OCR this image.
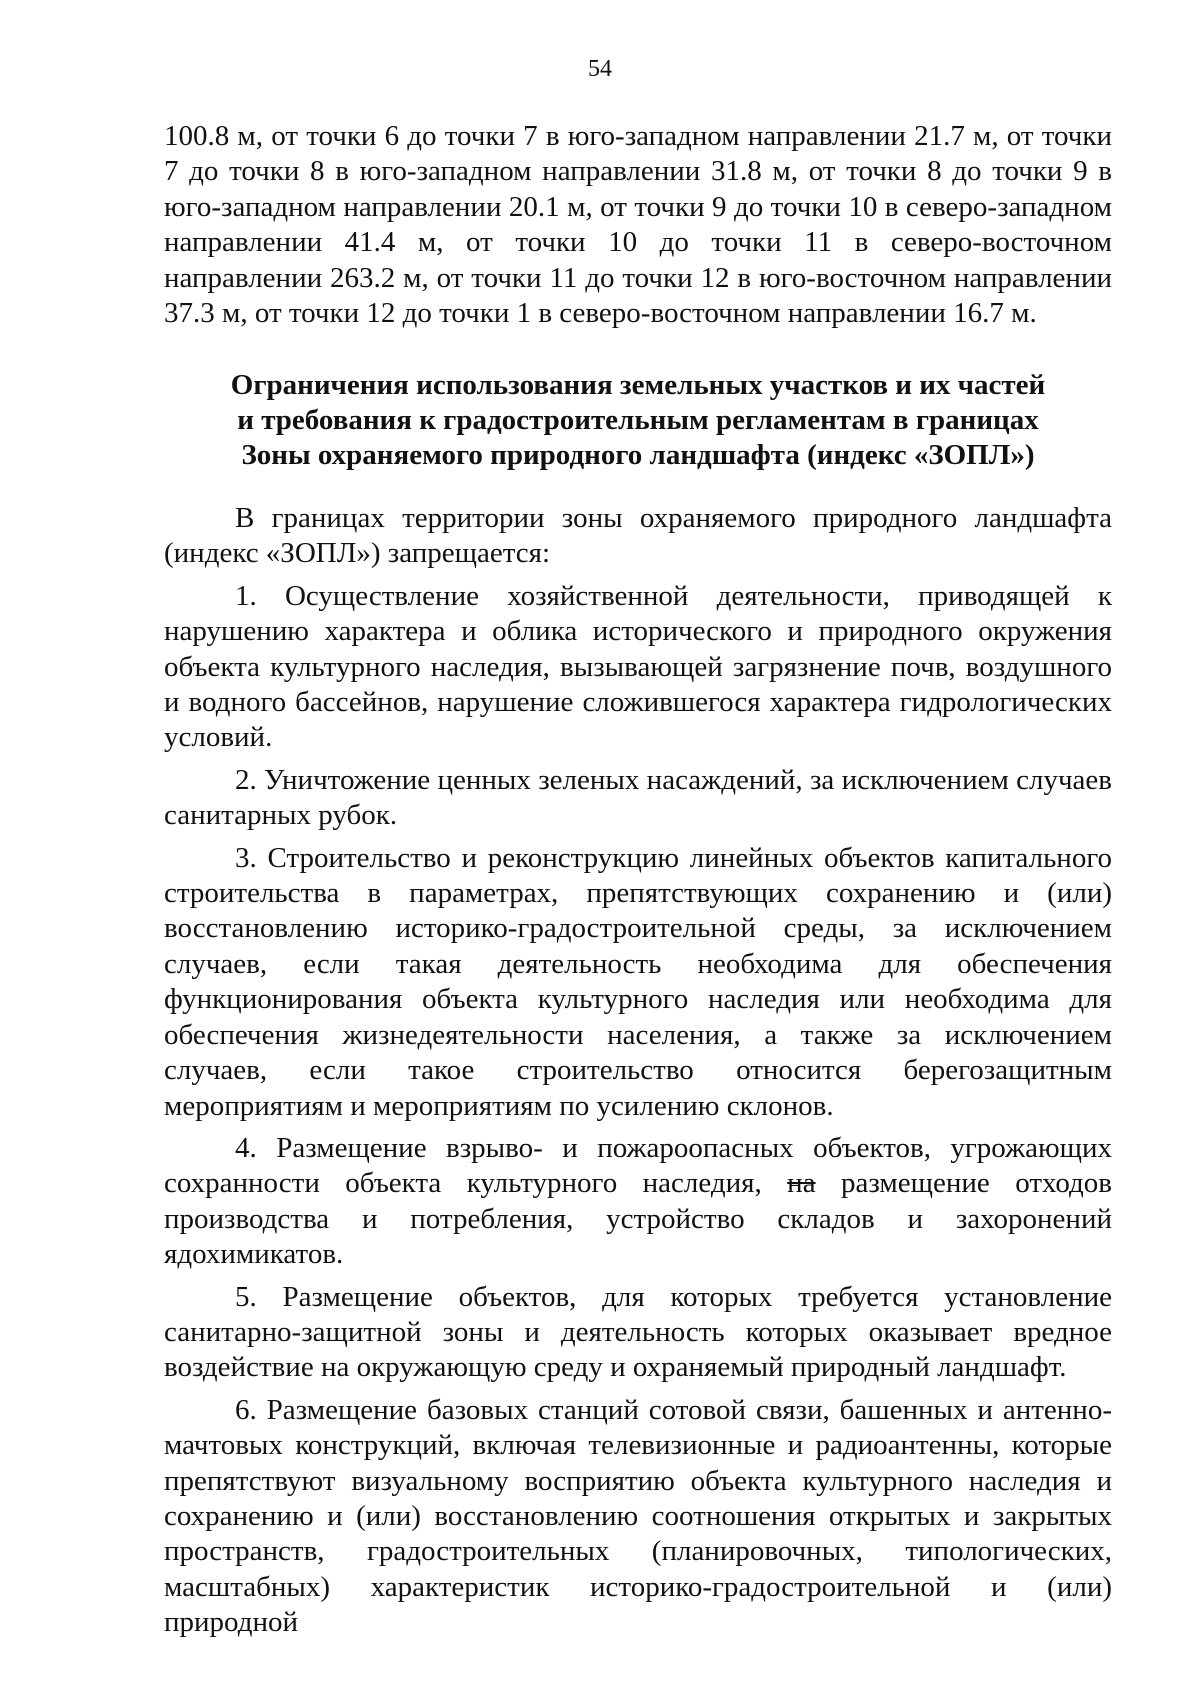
54

100.8 м, от точки 6 до точки 7 в юго-западном направлении 21.7 м, от точки 7 до точки 8 в юго-западном направлении 31.8 м, от точки 8 до точки 9 в юго-западном направлении 20.1 м, от точки 9 до точки 10 в северо-западном направлении 41.4 м, от точки 10 до точки 11 в северо-восточном направлении 263.2 м, от точки 11 до точки 12 в юго-восточном направлении 37.3 м, от точки 12 до точки 1 в северо-восточном направлении 16.7 м.

Ограничения использования земельных участков и их частей
и требования к градостроительным регламентам в границах
Зоны охраняемого природного ландшафта (индекс «ЗОПЛ»)

В границах территории зоны охраняемого природного ландшафта (индекс «ЗОПЛ») запрещается:

1. Осуществление хозяйственной деятельности, приводящей к нарушению характера и облика исторического и природного окружения объекта культурного наследия, вызывающей загрязнение почв, воздушного и водного бассейнов, нарушение сложившегося характера гидрологических условий.

2. Уничтожение ценных зеленых насаждений, за исключением случаев санитарных рубок.

3. Строительство и реконструкцию линейных объектов капитального строительства в параметрах, препятствующих сохранению и (или) восстановлению историко-градостроительной среды, за исключением случаев, если такая деятельность необходима для обеспечения функционирования объекта культурного наследия или необходима для обеспечения жизнедеятельности населения, а также за исключением случаев, если такое строительство относится берегозащитным мероприятиям и мероприятиям по усилению склонов.

4. Размещение взрыво- и пожароопасных объектов, угрожающих сохранности объекта культурного наследия, на размещение отходов производства и потребления, устройство складов и захоронений ядохимикатов.

5. Размещение объектов, для которых требуется установление санитарно-защитной зоны и деятельность которых оказывает вредное воздействие на окружающую среду и охраняемый природный ландшафт.

6. Размещение базовых станций сотовой связи, башенных и антенно-мачтовых конструкций, включая телевизионные и радиоантенны, которые препятствуют визуальному восприятию объекта культурного наследия и сохранению и (или) восстановлению соотношения открытых и закрытых пространств, градостроительных (планировочных, типологических, масштабных) характеристик историко-градостроительной и (или) природной
